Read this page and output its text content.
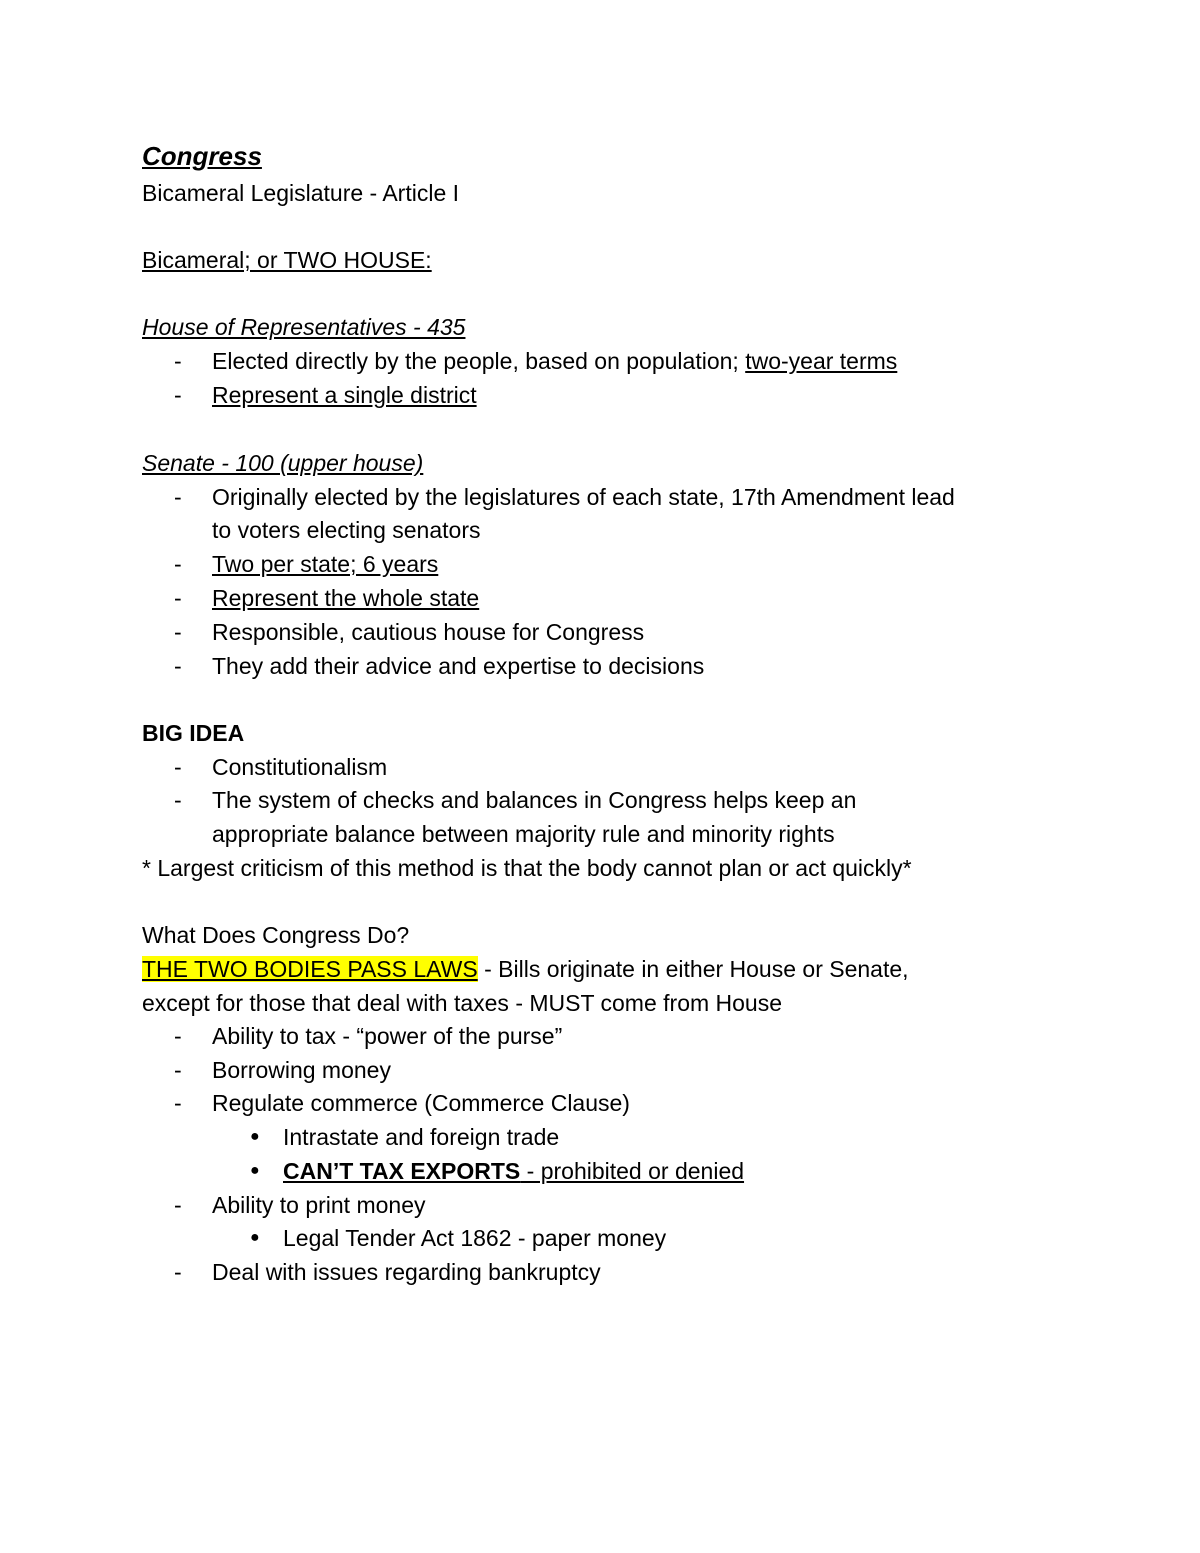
Congress
Bicameral Legislature - Article I
Bicameral; or TWO HOUSE:
House of Representatives - 435
- Elected directly by the people, based on population; two-year terms
- Represent a single district
Senate - 100 (upper house)
- Originally elected by the legislatures of each state, 17th Amendment lead
to voters electing senators
- Two per state; 6 years
- Represent the whole state
- Responsible, cautious house for Congress
- They add their advice and expertise to decisions
BIG IDEA
- Constitutionalism
- The system of checks and balances in Congress helps keep an
appropriate balance between majority rule and minority rights
* Largest criticism of this method is that the body cannot plan or act quickly*
What Does Congress Do?
THE TWO BODIES PASS LAWS - Bills originate in either House or Senate,
except for those that deal with taxes - MUST come from House
- Ability to tax - “power of the purse”
- Borrowing money
- Regulate commerce (Commerce Clause)
● Intrastate and foreign trade
● CAN’T TAX EXPORTS - prohibited or denied
- Ability to print money
● Legal Tender Act 1862 - paper money
- Deal with issues regarding bankruptcy
